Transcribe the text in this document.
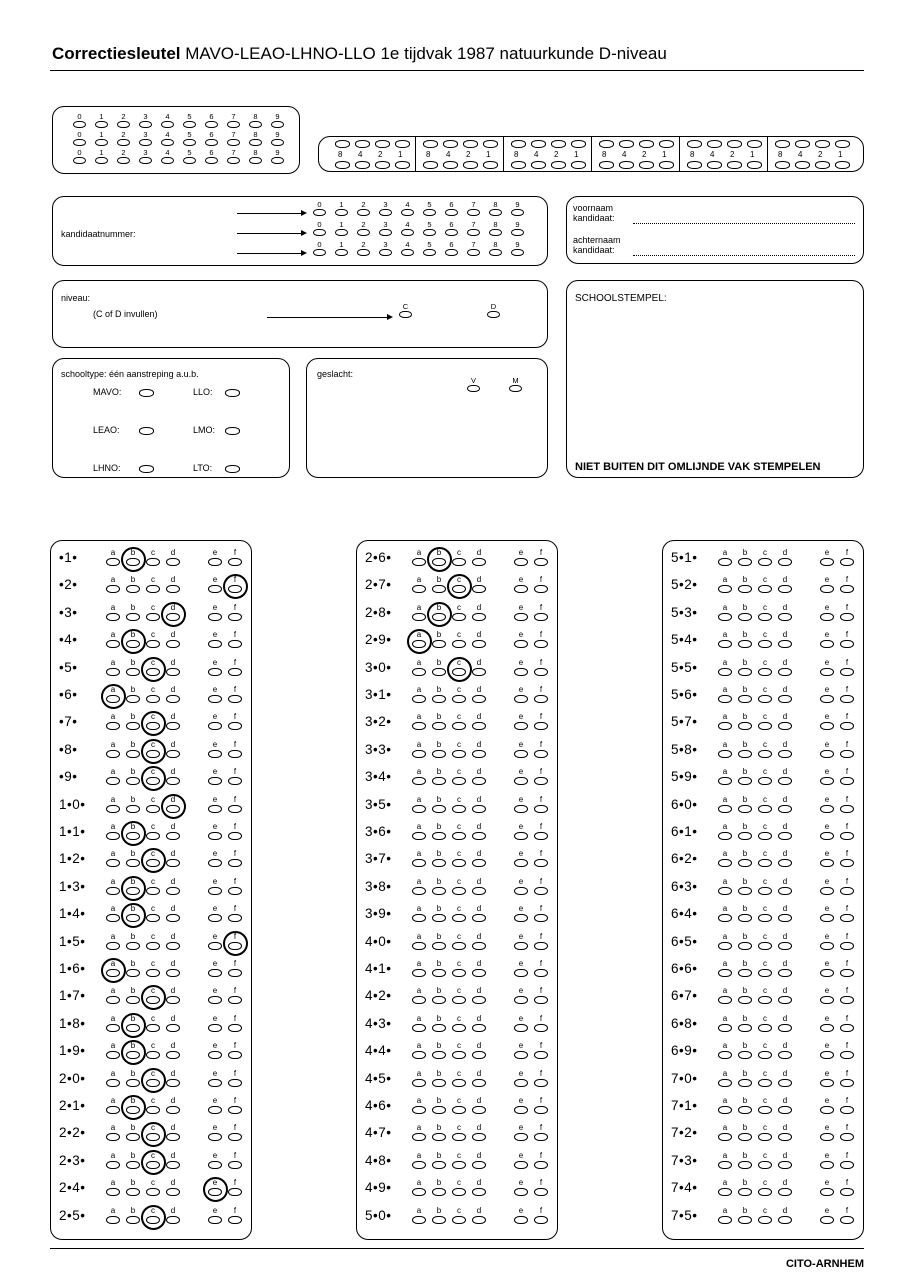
Correctiesleutel MAVO-LEAO-LHNO-LLO 1e tijdvak 1987 natuurkunde D-niveau
0	1	2	3	4	5	6	7	8	9
0	1	2	3	4	5	6	7	8	9
0	1	2	3	4	5	6	7	8	9	8 4 2 1	8 4 2 1	8 4 2 1	8 4 2 1	8 4 2 1	8 4 2 1
kandidaatnummer:
0	1	2	3	4	5	6	7	8	9
0	1	2	3	4	5	6	7	8	9
0	1	2	3	4	5	6	7	8	9
voornaam
kandidaat:
achternaam
kandidaat:
niveau:
(C of D invullen)
C	D
SCHOOLSTEMPEL:
NIET BUITEN DIT OMLIJNDE VAK STEMPELEN
schooltype: één aanstreping a.u.b.
MAVO:	LLO:
LEAO:	LMO:
LHNO:	LTO:
geslacht:
V	M
•1•	a	b	c	d	e	f
•2•	a	b	c	d	e	f
•3•	a	b	c	d	e	f
•4•	a	b	c	d	e	f
•5•	a	b	c	d	e	f
•6•	a	b	c	d	e	f
•7•	a	b	c	d	e	f
•8•	a	b	c	d	e	f
•9•	a	b	c	d	e	f
1•0•	a	b	c	d	e	f
1•1•	a	b	c	d	e	f
1•2•	a	b	c	d	e	f
1•3•	a	b	c	d	e	f
1•4•	a	b	c	d	e	f
1•5•	a	b	c	d	e	f
1•6•	a	b	c	d	e	f
1•7•	a	b	c	d	e	f
1•8•	a	b	c	d	e	f
1•9•	a	b	c	d	e	f
2•0•	a	b	c	d	e	f
2•1•	a	b	c	d	e	f
2•2•	a	b	c	d	e	f
2•3•	a	b	c	d	e	f
2•4•	a	b	c	d	e	f
2•5•	a	b	c	d	e	f
2•6•	a	b	c	d	e	f
2•7•	a	b	c	d	e	f
2•8•	a	b	c	d	e	f
2•9•	a	b	c	d	e	f
3•0•	a	b	c	d	e	f
3•1•	a	b	c	d	e	f
3•2•	a	b	c	d	e	f
3•3•	a	b	c	d	e	f
3•4•	a	b	c	d	e	f
3•5•	a	b	c	d	e	f
3•6•	a	b	c	d	e	f
3•7•	a	b	c	d	e	f
3•8•	a	b	c	d	e	f
3•9•	a	b	c	d	e	f
4•0•	a	b	c	d	e	f
4•1•	a	b	c	d	e	f
4•2•	a	b	c	d	e	f
4•3•	a	b	c	d	e	f
4•4•	a	b	c	d	e	f
4•5•	a	b	c	d	e	f
4•6•	a	b	c	d	e	f
4•7•	a	b	c	d	e	f
4•8•	a	b	c	d	e	f
4•9•	a	b	c	d	e	f
5•0•	a	b	c	d	e	f
5•1•	a	b	c	d	e	f
5•2•	a	b	c	d	e	f
5•3•	a	b	c	d	e	f
5•4•	a	b	c	d	e	f
5•5•	a	b	c	d	e	f
5•6•	a	b	c	d	e	f
5•7•	a	b	c	d	e	f
5•8•	a	b	c	d	e	f
5•9•	a	b	c	d	e	f
6•0•	a	b	c	d	e	f
6•1•	a	b	c	d	e	f
6•2•	a	b	c	d	e	f
6•3•	a	b	c	d	e	f
6•4•	a	b	c	d	e	f
6•5•	a	b	c	d	e	f
6•6•	a	b	c	d	e	f
6•7•	a	b	c	d	e	f
6•8•	a	b	c	d	e	f
6•9•	a	b	c	d	e	f
7•0•	a	b	c	d	e	f
7•1•	a	b	c	d	e	f
7•2•	a	b	c	d	e	f
7•3•	a	b	c	d	e	f
7•4•	a	b	c	d	e	f
7•5•	a	b	c	d	e	f
CITO-ARNHEM
